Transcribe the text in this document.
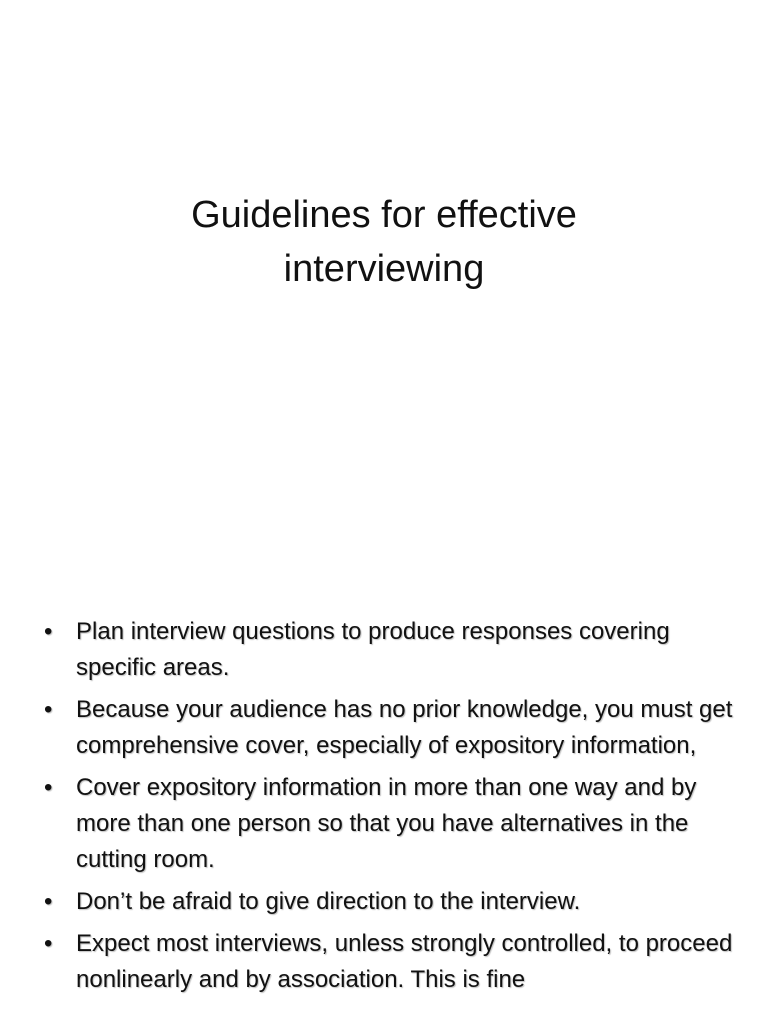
Guidelines for effective
interviewing
• Plan interview questions to produce responses covering specific areas.
• Because your audience has no prior knowledge, you must get comprehensive cover, especially of expository information,
• Cover expository information in more than one way and by more than one person so that you have alternatives in the cutting room.
• Don’t be afraid to give direction to the interview.
• Expect most interviews, unless strongly controlled, to proceed nonlinearly and by association. This is fine
